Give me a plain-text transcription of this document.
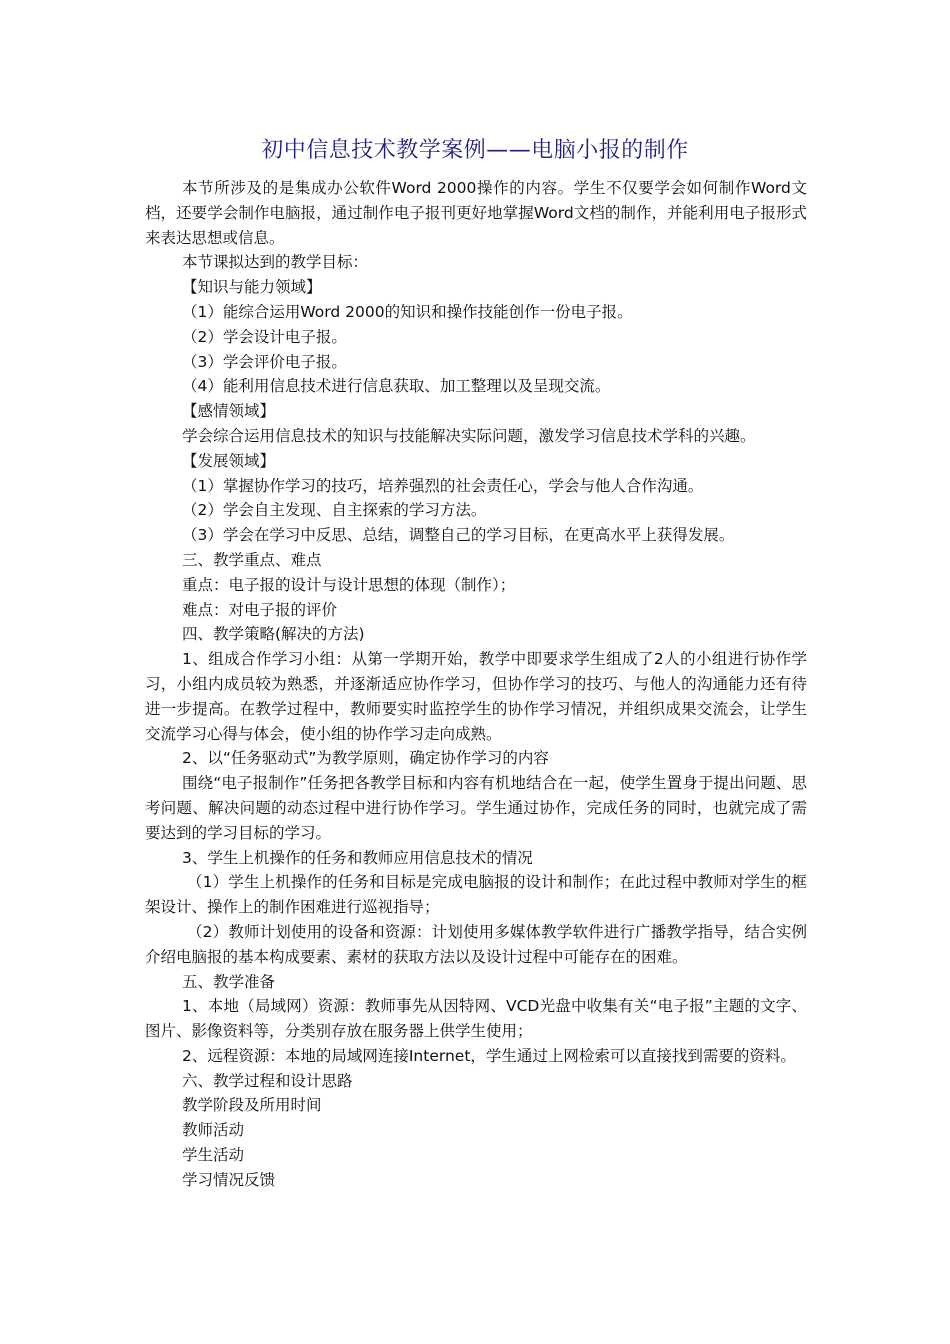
初中信息技术教学案例——电脑小报的制作

本节所涉及的是集成办公软件Word 2000操作的内容。学生不仅要学会如何制作Word文档，还要学会制作电脑报，通过制作电子报刊更好地掌握Word文档的制作，并能利用电子报形式来表达思想或信息。

本节课拟达到的教学目标：

【知识与能力领域】

（1）能综合运用Word 2000的知识和操作技能创作一份电子报。

（2）学会设计电子报。

（3）学会评价电子报。

（4）能利用信息技术进行信息获取、加工整理以及呈现交流。

【感情领域】

学会综合运用信息技术的知识与技能解决实际问题，激发学习信息技术学科的兴趣。

【发展领域】

（1）掌握协作学习的技巧，培养强烈的社会责任心，学会与他人合作沟通。

（2）学会自主发现、自主探索的学习方法。

（3）学会在学习中反思、总结，调整自己的学习目标，在更高水平上获得发展。

三、教学重点、难点

重点：电子报的设计与设计思想的体现（制作）；

难点：对电子报的评价

四、教学策略(解决的方法)

1、组成合作学习小组：从第一学期开始，教学中即要求学生组成了2人的小组进行协作学习，小组内成员较为熟悉，并逐渐适应协作学习，但协作学习的技巧、与他人的沟通能力还有待进一步提高。在教学过程中，教师要实时监控学生的协作学习情况，并组织成果交流会，让学生交流学习心得与体会，使小组的协作学习走向成熟。

2、以“任务驱动式”为教学原则，确定协作学习的内容

围绕“电子报制作”任务把各教学目标和内容有机地结合在一起，使学生置身于提出问题、思考问题、解决问题的动态过程中进行协作学习。学生通过协作，完成任务的同时，也就完成了需要达到的学习目标的学习。

3、学生上机操作的任务和教师应用信息技术的情况

（1）学生上机操作的任务和目标是完成电脑报的设计和制作；在此过程中教师对学生的框架设计、操作上的制作困难进行巡视指导；

（2）教师计划使用的设备和资源：计划使用多媒体教学软件进行广播教学指导，结合实例介绍电脑报的基本构成要素、素材的获取方法以及设计过程中可能存在的困难。

五、教学准备

1、本地（局域网）资源：教师事先从因特网、VCD光盘中收集有关“电子报”主题的文字、图片、影像资料等，分类别存放在服务器上供学生使用；

2、远程资源：本地的局域网连接Internet，学生通过上网检索可以直接找到需要的资料。

六、教学过程和设计思路

教学阶段及所用时间

教师活动

学生活动

学习情况反馈
